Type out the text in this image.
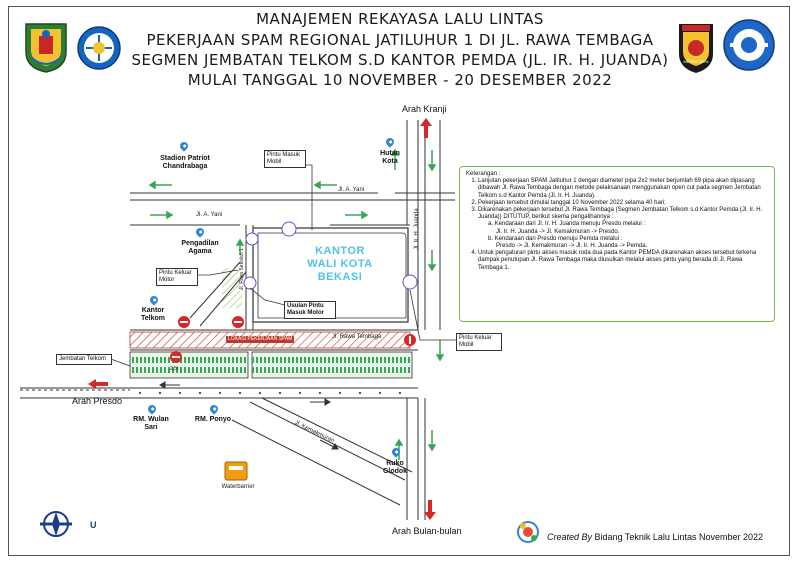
MANAJEMEN REKAYASA LALU LINTAS
PEKERJAAN SPAM REGIONAL JATILUHUR 1 DI JL. RAWA TEMBAGA
SEGMEN JEMBATAN TELKOM S.D KANTOR PEMDA (JL. IR. H. JUANDA)
MULAI TANGGAL 10 NOVEMBER - 20 DESEMBER 2022
METRO JAYA
U
Stadion Patriot Chandrabaga
Hutan Kota
Pengadilan Agama
Kantor Telkom
RM. Wulan Sari
RM. Ponyo
Ruko Glodok
KANTOR WALI KOTA BEKASI
Waterbarrier
Pintu Masuk Mobil
Pintu Keluar Motor
Usulan Pintu Masuk Motor
Jembatan Telkom
Pintu Keluar Mobil
Jl. A. Yani
Jl. A. Yani	Jl. Ir. H. Juanda
Jl. Rawa Tembaga
Jl. Kemakmuran
Jl. Raya Sekolah 1
LOKASI PEKERJAAN SPAM
2,5t
Arah Kranji
Arah Presdo
Arah Bulan-bulan
Keterangan :
1. Lanjutan pekerjaan SPAM Jatiluhur 1 dengan diameter pipa 2x2 meter berjumlah 69 pipa akan dipasang dibawah Jl. Rawa Tembaga dengan metode pelaksanaan menggunakan open cut pada segmen Jembatan Telkom s.d Kantor Pemda (Jl. Ir. H. Juanda).
2. Pekerjaan tersebut dimulai tanggal 10 November 2022 selama 40 hari;
3. Dikarenakan pekerjaan tersebut Jl. Rawa Tembaga (Segmen Jembatan Telkom s.d Kantor Pemda (Jl. Ir. H. Juanda)) DITUTUP, berikut skema pengalihannya :
a. Kendaraan dari Jl. Ir. H. Juanda menuju Presdo melalui :
Jl. Ir. H. Juanda -> Jl. Kemakmuran -> Presdo.
b. Kendaraan dari Presdo menuju Pemda melalui :
Presdo -> Jl. Kemakmuran -> Jl. Ir. H. Juanda -> Pemda.
4. Untuk pengaturan pintu akses masuk roda dua pada Kantor PEMDA dikarenakan akses tersebut terkena dampak penutupan Jl. Rawa Tembaga maka diusulkan melalui akses pintu yang berada di Jl. Rawa Tembaga 1.
Created By Bidang Teknik Lalu Lintas November 2022
